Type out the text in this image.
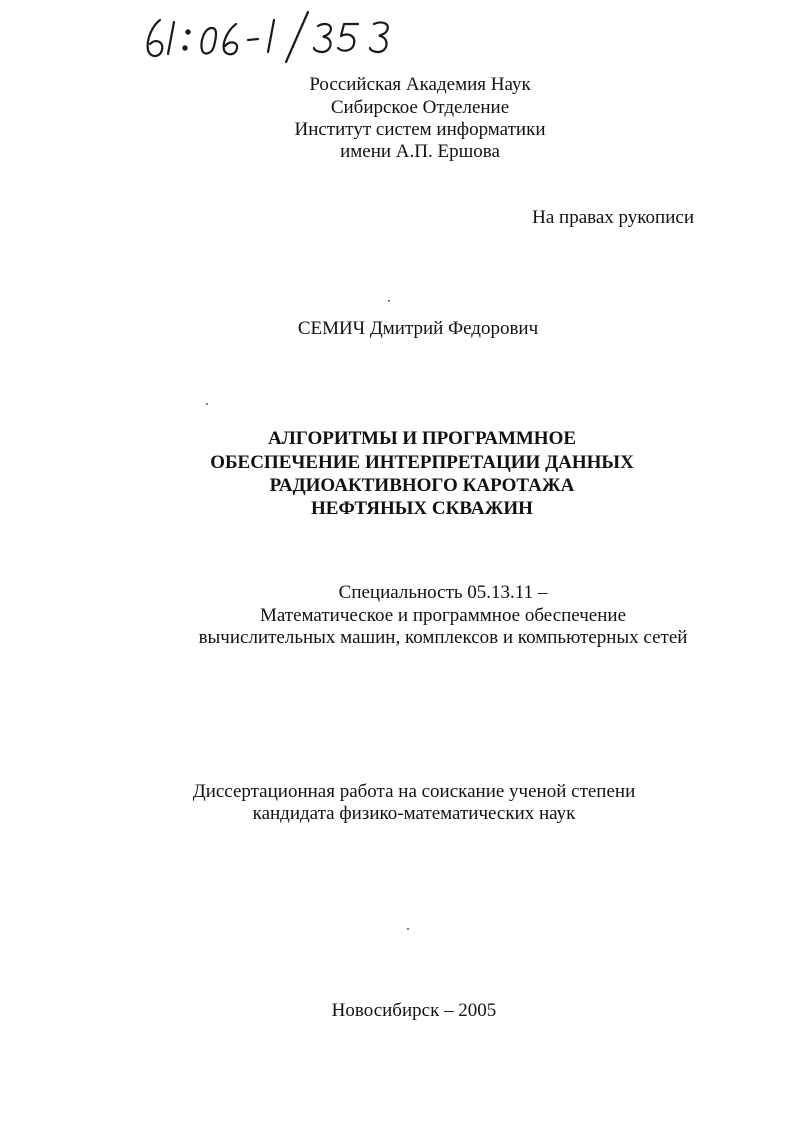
Российская Академия Наук
Сибирское Отделение
Институт систем информатики
имени А.П. Ершова
На правах рукописи
СЕМИЧ Дмитрий Федорович
АЛГОРИТМЫ И ПРОГРАММНОЕ
ОБЕСПЕЧЕНИЕ ИНТЕРПРЕТАЦИИ ДАННЫХ
РАДИОАКТИВНОГО КАРОТАЖА
НЕФТЯНЫХ СКВАЖИН
Специальность 05.13.11 –
Математическое и программное обеспечение
вычислительных машин, комплексов и компьютерных сетей
Диссертационная работа на соискание ученой степени
кандидата физико-математических наук
Новосибирск – 2005
